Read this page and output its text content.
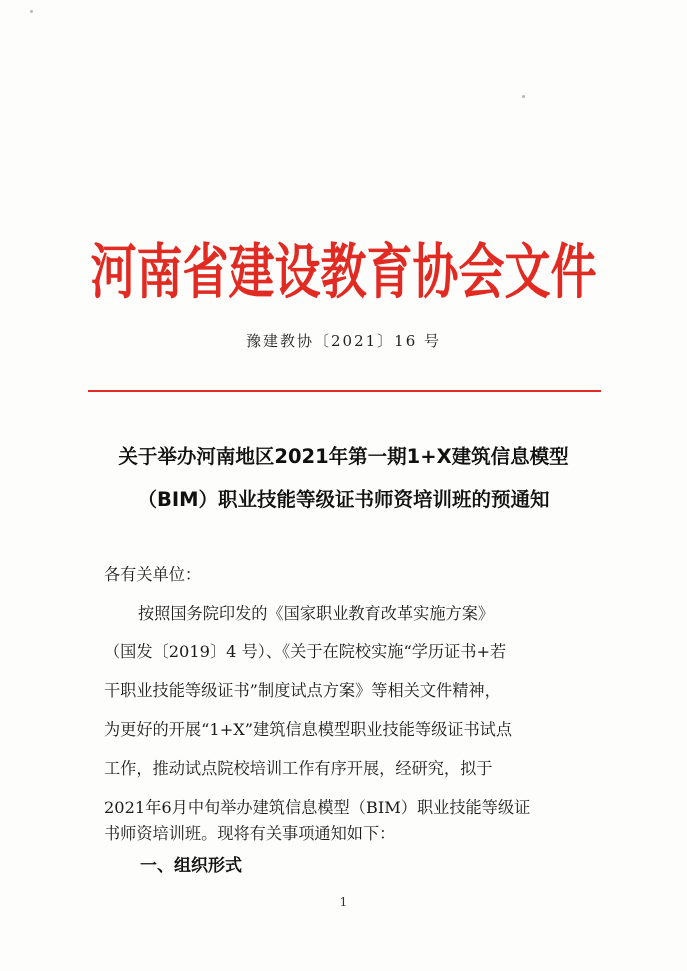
河南省建设教育协会文件
豫建教协〔2021〕16 号
关于举办河南地区2021年第一期1+X建筑信息模型
（BIM）职业技能等级证书师资培训班的预通知
各有关单位：
按照国务院印发的《国家职业教育改革实施方案》
（国发〔2019〕4 号）、《关于在院校实施“学历证书+若
干职业技能等级证书”制度试点方案》等相关文件精神，
为更好的开展“1+X”建筑信息模型职业技能等级证书试点
工作，推动试点院校培训工作有序开展，经研究，拟于
2021年6月中旬举办建筑信息模型（BIM）职业技能等级证
书师资培训班。现将有关事项通知如下：
一、组织形式
1
